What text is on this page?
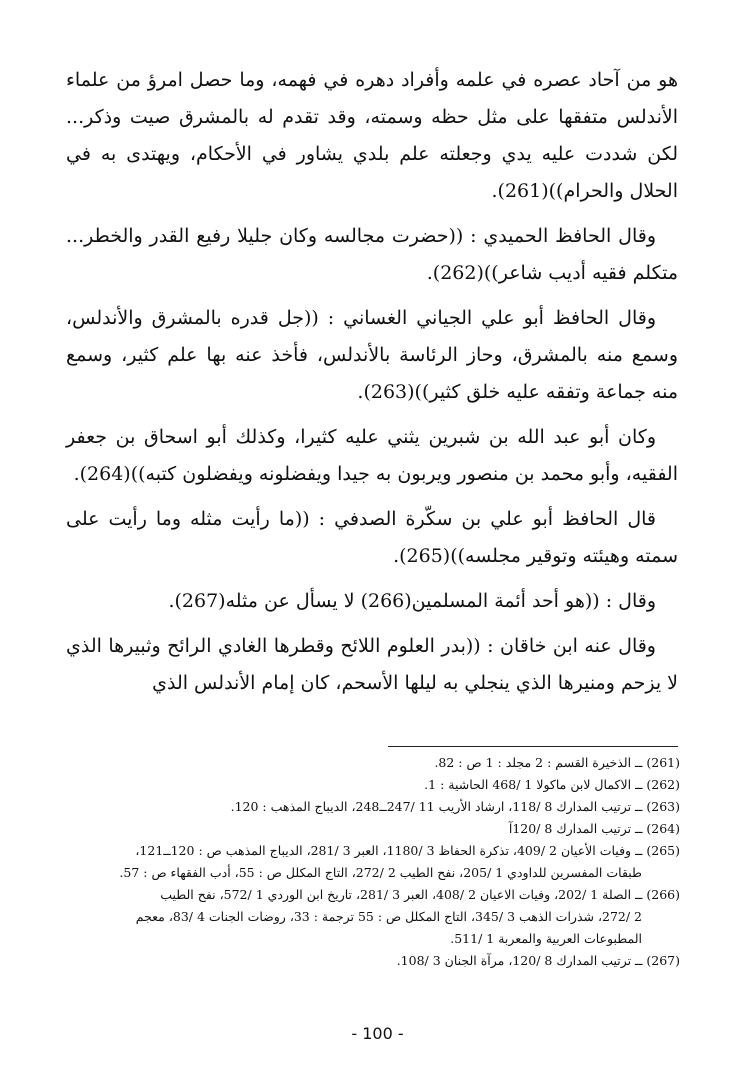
هو من آحاد عصره في علمه وأفراد دهره في فهمه، وما حصل امرؤ من علماء الأندلس متفقها على مثل حظه وسمته، وقد تقدم له بالمشرق صيت وذكر... لكن شددت عليه يدي وجعلته علم بلدي يشاور في الأحكام، ويهتدى به في الحلال والحرام))(261).

وقال الحافظ الحميدي : ((حضرت مجالسه وكان جليلا رفيع القدر والخطر... متكلم فقيه أديب شاعر))(262).

وقال الحافظ أبو علي الجياني الغساني : ((جل قدره بالمشرق والأندلس، وسمع منه بالمشرق، وحاز الرئاسة بالأندلس، فأخذ عنه بها علم كثير، وسمع منه جماعة وتفقه عليه خلق كثير))(263).

وكان أبو عبد الله بن شبرين يثني عليه كثيرا، وكذلك أبو اسحاق بن جعفر الفقيه، وأبو محمد بن منصور ويربون به جيدا ويفضلونه ويفضلون كتبه))(264).

قال الحافظ أبو علي بن سكّرة الصدفي : ((ما رأيت مثله وما رأيت على سمته وهيئته وتوقير مجلسه))(265).

وقال : ((هو أحد أئمة المسلمين(266) لا يسأل عن مثله(267).

وقال عنه ابن خاقان : ((بدر العلوم اللائح وقطرها الغادي الرائح وثبيرها الذي لا يزحم ومنيرها الذي ينجلي به ليلها الأسحم، كان إمام الأندلس الذي

(261) ــ الذخيرة القسم : 2 مجلد : 1 ص : 82.

(262) ــ الاكمال لابن ماكولا 1 /468 الحاشية : 1.

(263) ــ ترتيب المدارك 8 /118، ارشاد الأريب 11 /247ــ248، الديباج المذهب : 120.

(264) ــ ترتيب المدارك 8 /120آ

(265) ــ وفيات الأعيان 2 /409، تذكرة الحفاظ 3 /1180، العبر 3 /281، الديباج المذهب ص : 120ــ121،

طبقات المفسرين للداودي 1 /205، نفح الطيب 2 /272، التاج المكلل ص : 55، أدب الفقهاء ص : 57.

(266) ــ الصلة 1 /202، وفيات الاعيان 2 /408، العبر 3 /281، تاريخ ابن الوردي 1 /572، نفح الطيب

2 /272، شذرات الذهب 3 /345، التاج المكلل ص : 55 ترجمة : 33، روضات الجنات 4 /83، معجم

المطبوعات العربية والمعربة 1 /511.

(267) ــ ترتيب المدارك 8 /120، مرآة الجنان 3 /108.

- 100 -
